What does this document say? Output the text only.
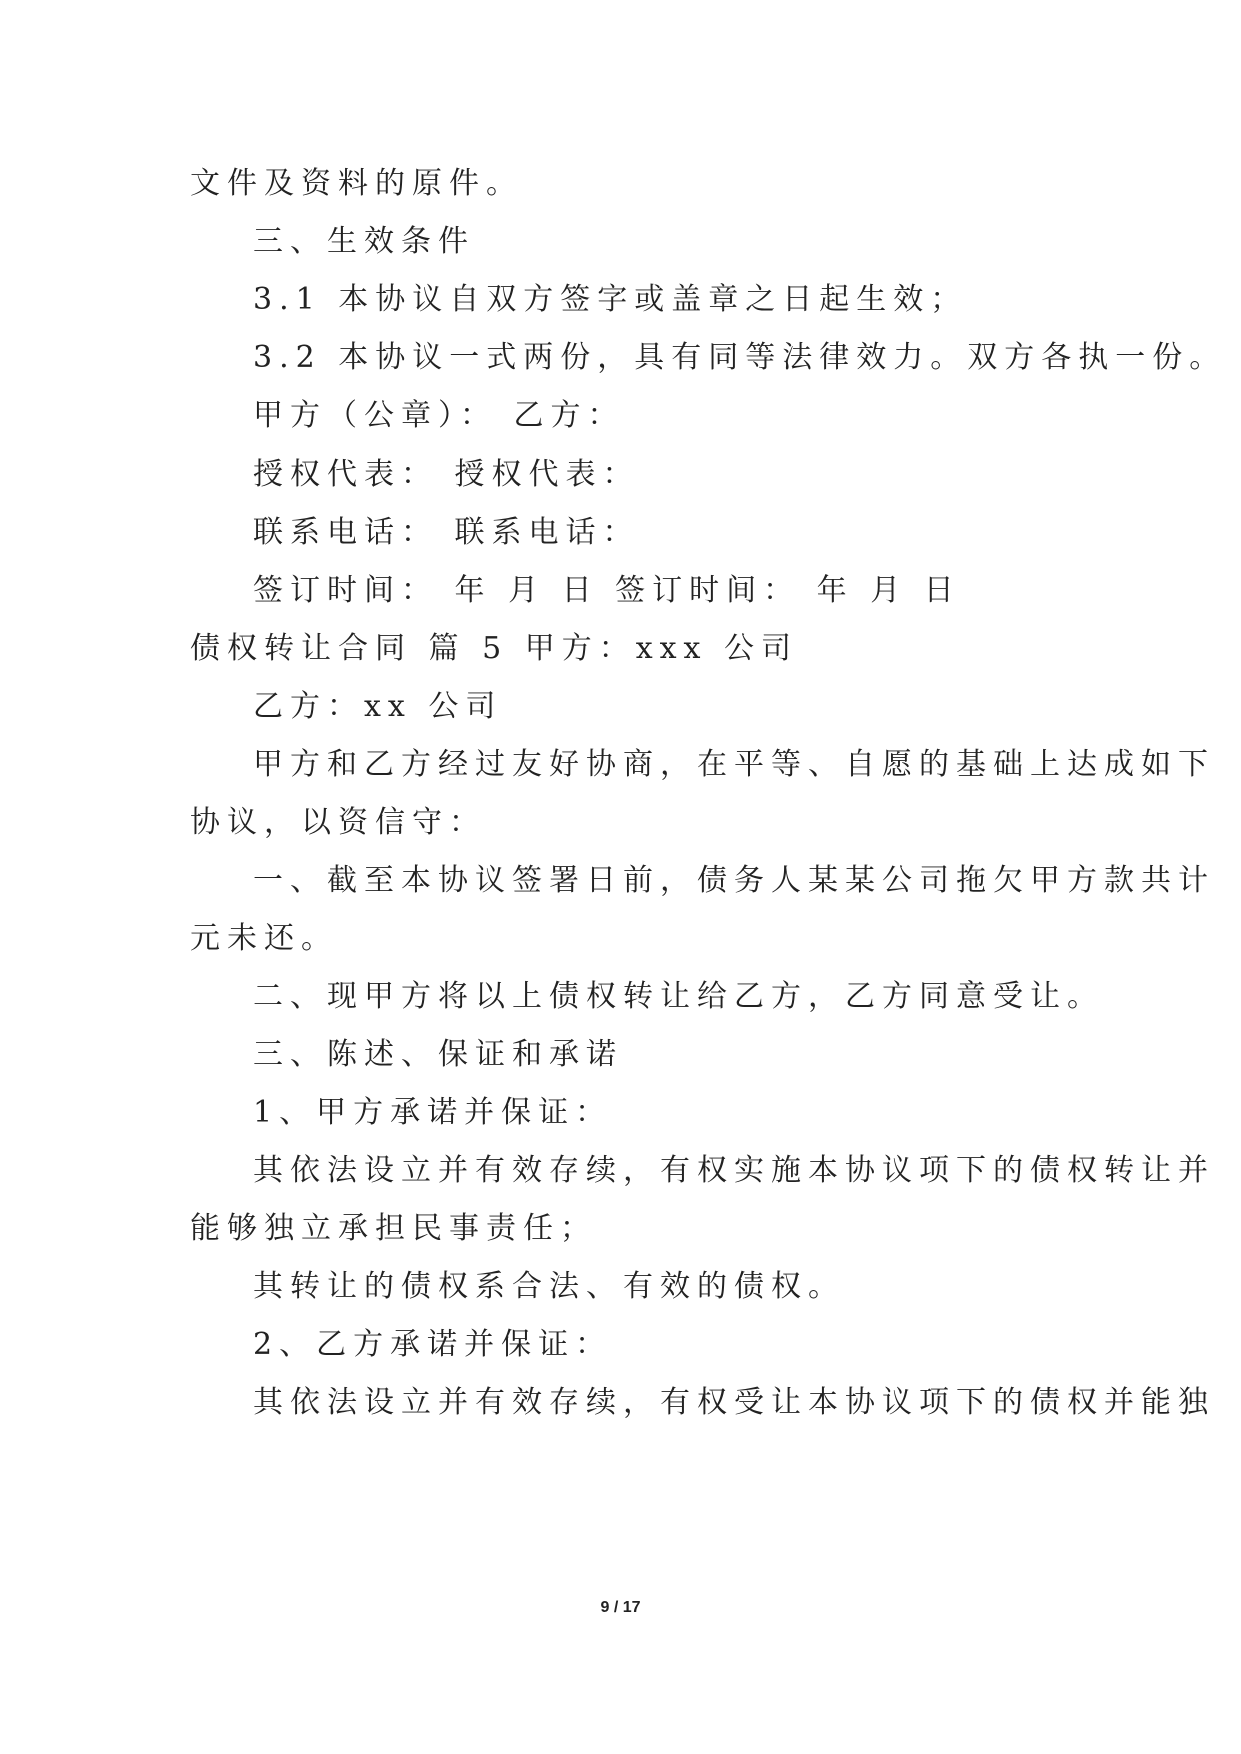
文件及资料的原件。
三、生效条件
3.1 本协议自双方签字或盖章之日起生效；
3.2 本协议一式两份，具有同等法律效力。双方各执一份。
甲方（公章）： 乙方：
授权代表： 授权代表：
联系电话： 联系电话：
签订时间： 年 月 日 签订时间： 年 月 日
债权转让合同 篇 5 甲方：xxx 公司
乙方：xx 公司
甲方和乙方经过友好协商，在平等、自愿的基础上达成如下
协议，以资信守：
一、截至本协议签署日前，债务人某某公司拖欠甲方款共计
元未还。
二、现甲方将以上债权转让给乙方，乙方同意受让。
三、陈述、保证和承诺
1、甲方承诺并保证：
其依法设立并有效存续，有权实施本协议项下的债权转让并
能够独立承担民事责任；
其转让的债权系合法、有效的债权。
2、乙方承诺并保证：
其依法设立并有效存续，有权受让本协议项下的债权并能独
9 / 17
